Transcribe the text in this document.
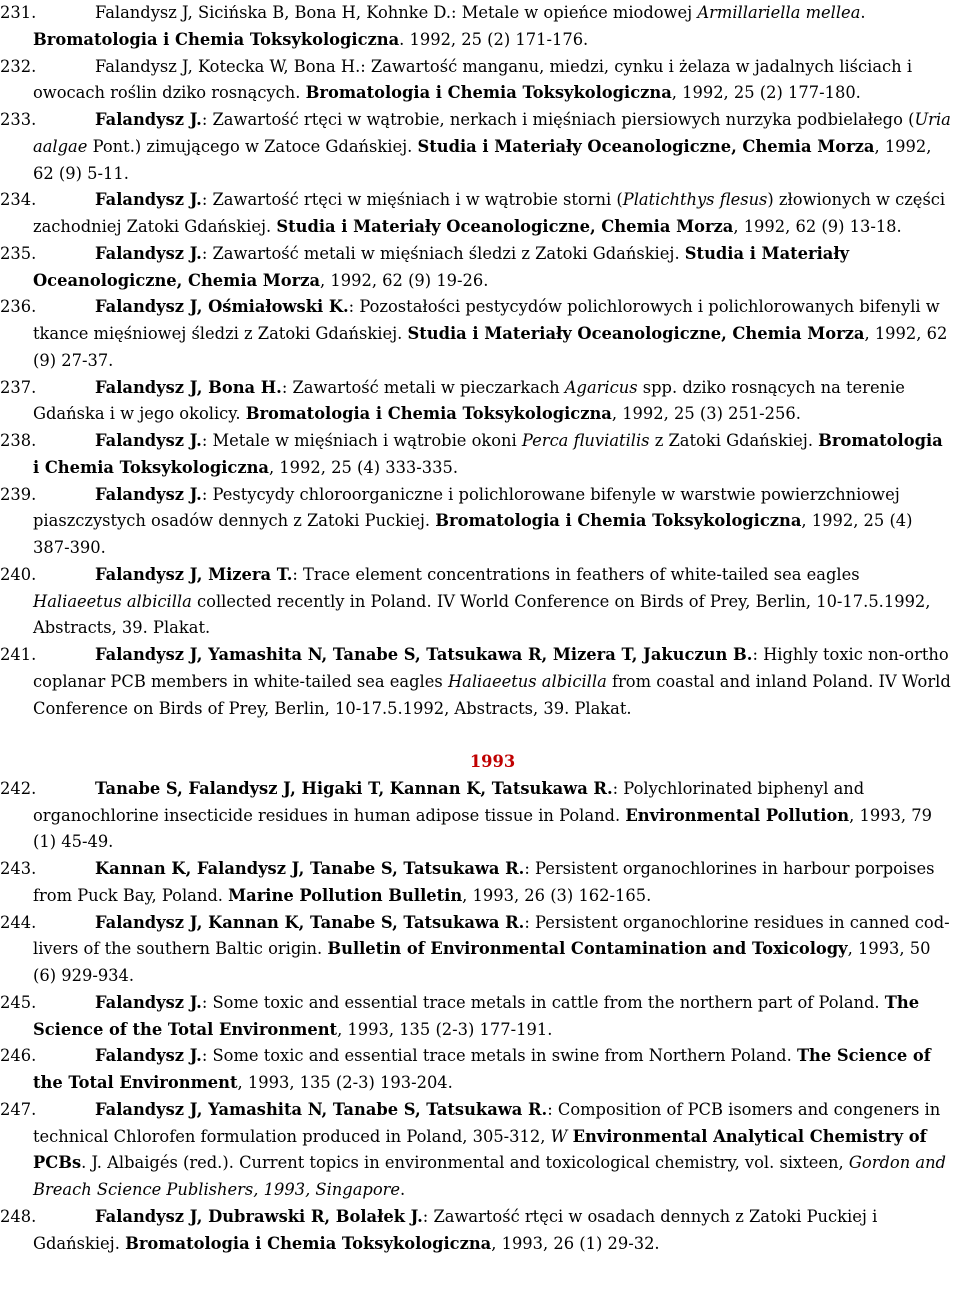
231.	Falandysz J, Sicińska B, Bona H, Kohnke D.: Metale w opieńce miodowej Armillariella mellea. Bromatologia i Chemia Toksykologiczna. 1992, 25 (2) 171-176.

232.	Falandysz J, Kotecka W, Bona H.: Zawartość manganu, miedzi, cynku i żelaza w jadalnych liściach i owocach roślin dziko rosnących. Bromatologia i Chemia Toksykologiczna, 1992, 25 (2) 177-180.

233.	Falandysz J.: Zawartość rtęci w wątrobie, nerkach i mięśniach piersiowych nurzyka podbielałego (Uria aalgae Pont.) zimującego w Zatoce Gdańskiej. Studia i Materiały Oceanologiczne, Chemia Morza, 1992, 62 (9) 5-11.

234.	Falandysz J.: Zawartość rtęci w mięśniach i w wątrobie storni (Platichthys flesus) złowionych w części zachodniej Zatoki Gdańskiej. Studia i Materiały Oceanologiczne, Chemia Morza, 1992, 62 (9) 13-18.

235.	Falandysz J.: Zawartość metali w mięśniach śledzi z Zatoki Gdańskiej. Studia i Materiały Oceanologiczne, Chemia Morza, 1992, 62 (9) 19-26.

236.	Falandysz J, Ośmiałowski K.: Pozostałości pestycydów polichlorowych i polichlorowanych bifenyli w tkance mięśniowej śledzi z Zatoki Gdańskiej. Studia i Materiały Oceanologiczne, Chemia Morza, 1992, 62 (9) 27-37.

237.	Falandysz J, Bona H.: Zawartość metali w pieczarkach Agaricus spp. dziko rosnących na terenie Gdańska i w jego okolicy. Bromatologia i Chemia Toksykologiczna, 1992, 25 (3) 251-256.

238.	Falandysz J.: Metale w mięśniach i wątrobie okoni Perca fluviatilis z Zatoki Gdańskiej. Bromatologia i Chemia Toksykologiczna, 1992, 25 (4) 333-335.

239.	Falandysz J.: Pestycydy chloroorganiczne i polichlorowane bifenyle w warstwie powierzchniowej piaszczystych osadów dennych z Zatoki Puckiej. Bromatologia i Chemia Toksykologiczna, 1992, 25 (4) 387-390.

240.	Falandysz J, Mizera T.: Trace element concentrations in feathers of white-tailed sea eagles Haliaeetus albicilla collected recently in Poland. IV World Conference on Birds of Prey, Berlin, 10-17.5.1992, Abstracts, 39. Plakat.

241.	Falandysz J, Yamashita N, Tanabe S, Tatsukawa R, Mizera T, Jakuczun B.: Highly toxic non-ortho coplanar PCB members in white-tailed sea eagles Haliaeetus albicilla from coastal and inland Poland. IV World Conference on Birds of Prey, Berlin, 10-17.5.1992, Abstracts, 39. Plakat.

1993

242.	Tanabe S, Falandysz J, Higaki T, Kannan K, Tatsukawa R.: Polychlorinated biphenyl and organochlorine insecticide residues in human adipose tissue in Poland. Environmental Pollution, 1993, 79 (1) 45-49.

243.	Kannan K, Falandysz J, Tanabe S, Tatsukawa R.: Persistent organochlorines in harbour porpoises from Puck Bay, Poland. Marine Pollution Bulletin, 1993, 26 (3) 162-165.

244.	Falandysz J, Kannan K, Tanabe S, Tatsukawa R.: Persistent organochlorine residues in canned cod-livers of the southern Baltic origin. Bulletin of Environmental Contamination and Toxicology, 1993, 50 (6) 929-934.

245.	Falandysz J.: Some toxic and essential trace metals in cattle from the northern part of Poland. The Science of the Total Environment, 1993, 135 (2-3) 177-191.

246.	Falandysz J.: Some toxic and essential trace metals in swine from Northern Poland. The Science of the Total Environment, 1993, 135 (2-3) 193-204.

247.	Falandysz J, Yamashita N, Tanabe S, Tatsukawa R.: Composition of PCB isomers and congeners in technical Chlorofen formulation produced in Poland, 305-312, W Environmental Analytical Chemistry of PCBs. J. Albaigés (red.). Current topics in environmental and toxicological chemistry, vol. sixteen, Gordon and Breach Science Publishers, 1993, Singapore.

248.	Falandysz J, Dubrawski R, Bolałek J.: Zawartość rtęci w osadach dennych z Zatoki Puckiej i Gdańskiej. Bromatologia i Chemia Toksykologiczna, 1993, 26 (1) 29-32.
